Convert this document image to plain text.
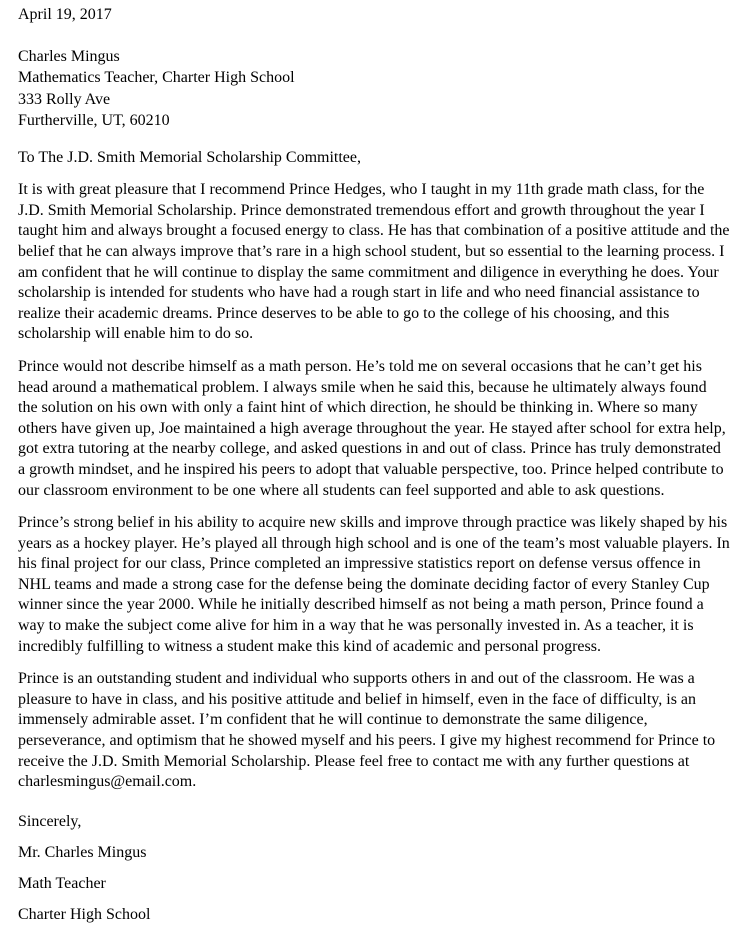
April 19, 2017

Charles Mingus

Mathematics Teacher, Charter High School

333 Rolly Ave

Furtherville, UT, 60210

To The J.D. Smith Memorial Scholarship Committee,

It is with great pleasure that I recommend Prince Hedges, who I taught in my 11th grade math class, for the J.D. Smith Memorial Scholarship. Prince demonstrated tremendous effort and growth throughout the year I taught him and always brought a focused energy to class. He has that combination of a positive attitude and the belief that he can always improve that’s rare in a high school student, but so essential to the learning process. I am confident that he will continue to display the same commitment and diligence in everything he does. Your scholarship is intended for students who have had a rough start in life and who need financial assistance to realize their academic dreams. Prince deserves to be able to go to the college of his choosing, and this scholarship will enable him to do so.

Prince would not describe himself as a math person. He’s told me on several occasions that he can’t get his head around a mathematical problem. I always smile when he said this, because he ultimately always found the solution on his own with only a faint hint of which direction, he should be thinking in. Where so many others have given up, Joe maintained a high average throughout the year. He stayed after school for extra help, got extra tutoring at the nearby college, and asked questions in and out of class. Prince has truly demonstrated a growth mindset, and he inspired his peers to adopt that valuable perspective, too. Prince helped contribute to our classroom environment to be one where all students can feel supported and able to ask questions.

Prince’s strong belief in his ability to acquire new skills and improve through practice was likely shaped by his years as a hockey player. He’s played all through high school and is one of the team’s most valuable players. In his final project for our class, Prince completed an impressive statistics report on defense versus offence in NHL teams and made a strong case for the defense being the dominate deciding factor of every Stanley Cup winner since the year 2000. While he initially described himself as not being a math person, Prince found a way to make the subject come alive for him in a way that he was personally invested in. As a teacher, it is incredibly fulfilling to witness a student make this kind of academic and personal progress.

Prince is an outstanding student and individual who supports others in and out of the classroom. He was a pleasure to have in class, and his positive attitude and belief in himself, even in the face of difficulty, is an immensely admirable asset. I’m confident that he will continue to demonstrate the same diligence, perseverance, and optimism that he showed myself and his peers. I give my highest recommend for Prince to receive the J.D. Smith Memorial Scholarship. Please feel free to contact me with any further questions at charlesmingus@email.com.

Sincerely,

Mr. Charles Mingus

Math Teacher

Charter High School
